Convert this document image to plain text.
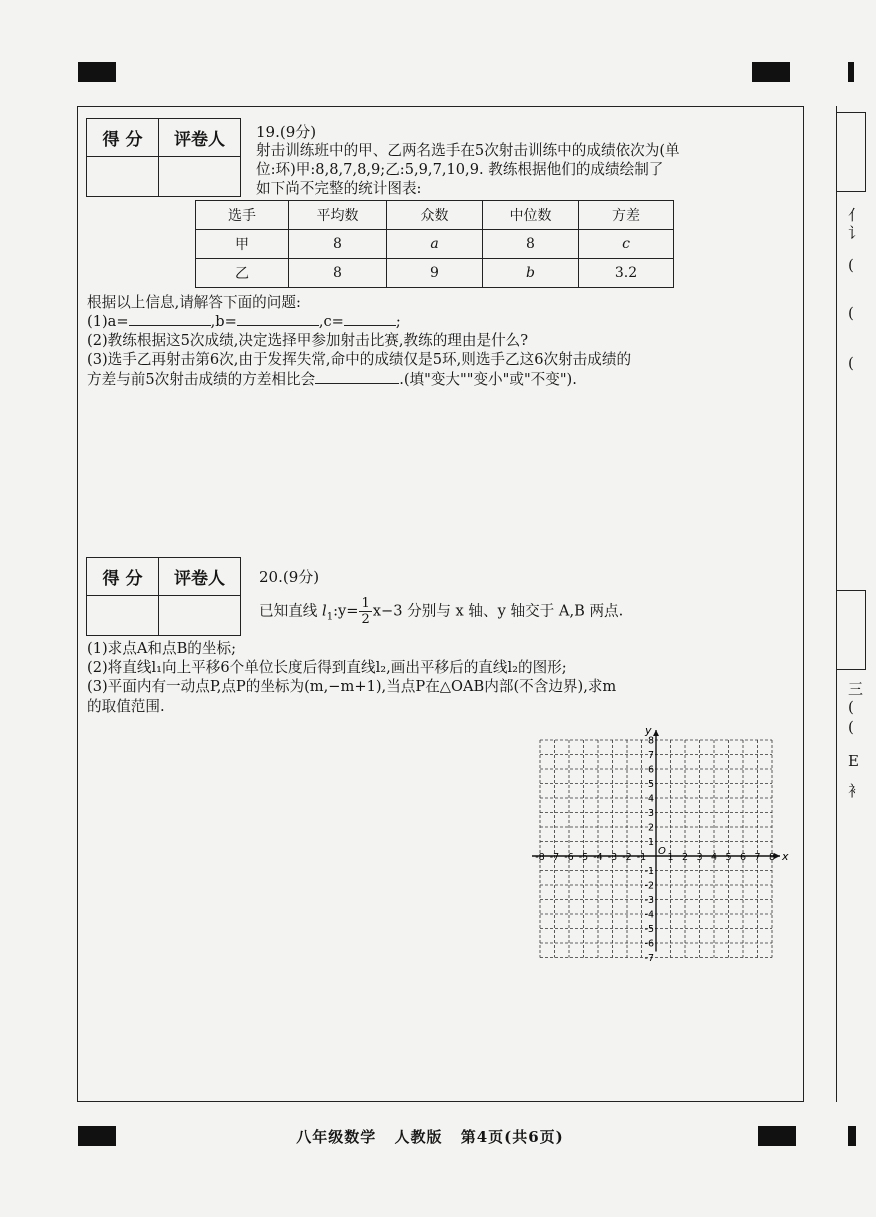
亻
讠
(
(
(
三
(
(
E
衤
得 分	评卷人
	19.(9分)
射击训练班中的甲、乙两名选手在5次射击训练中的成绩依次为(单
位:环)甲:8,8,7,8,9;乙:5,9,7,10,9. 教练根据他们的成绩绘制了
如下尚不完整的统计图表:
选手	平均数	众数	中位数	方差
甲	8	a	8	c
乙	8	9	b	3.2
根据以上信息,请解答下面的问题:
(1)a=	,b=	,c=	;
(2)教练根据这5次成绩,决定选择甲参加射击比赛,教练的理由是什么?
(3)选手乙再射击第6次,由于发挥失常,命中的成绩仅是5环,则选手乙这6次射击成绩的
方差与前5次射击成绩的方差相比会	.(填"变大""变小"或"不变").
得 分	评卷人
	20.(9分)
已知直线 $l_1:y= \frac{1}{2} x-3$ 分别与 x 轴、y 轴交于 A,B 两点.
(1)求点A和点B的坐标;
(2)将直线l₁向上平移6个单位长度后得到直线l₂,画出平移后的直线l₂的图形;
(3)平面内有一动点P,点P的坐标为(m,−m+1),当点P在△OAB内部(不含边界),求m
的取值范围.
x
y
O
-8 -7 -6 -5 -4 -3 -2 -1 1 2 3 4 5 6 7 8
-7
-6
-5
-4
-3
-2
-1
1
2
3
4
5
6
7
8
八年级数学 人教版 第4页(共6页)
